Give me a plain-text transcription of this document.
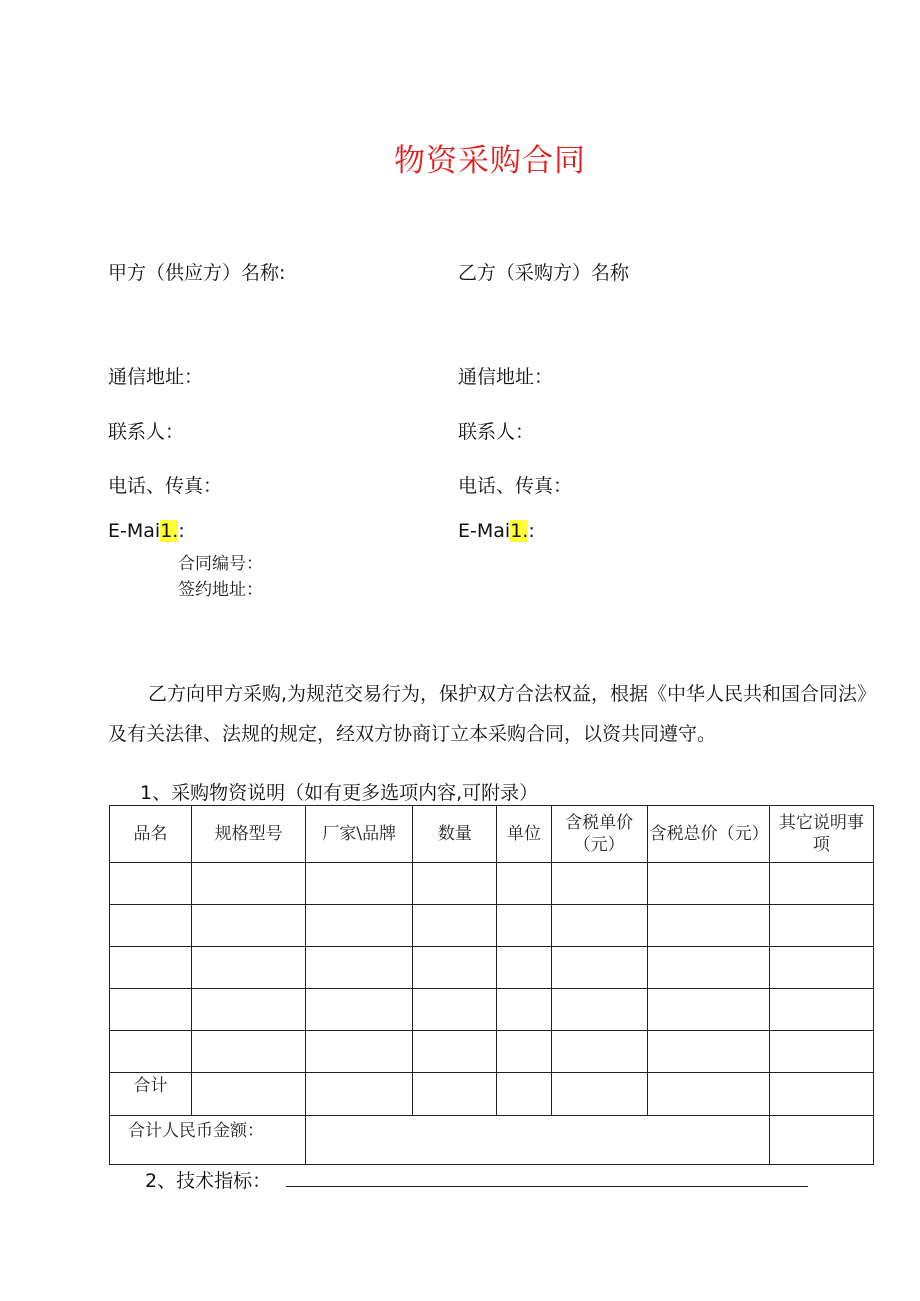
物资采购合同
甲方（供应方）名称:
通信地址：
联系人：
电话、传真：
E-Mai1.:
乙方（采购方）名称
通信地址：
联系人：
电话、传真：
E-Mai1.:
合同编号：
签约地址：
乙方向甲方采购,为规范交易行为，保护双方合法权益，根据《中华人民共和国合同法》及有关法律、法规的规定，经双方协商订立本采购合同，以资共同遵守。
1、采购物资说明（如有更多选项内容,可附录）
品名	规格型号	厂家\品牌	数量	单位	含税单价（元）	含税总价（元）	其它说明事项

合计							
合计人民币金额：							
2、技术指标：
